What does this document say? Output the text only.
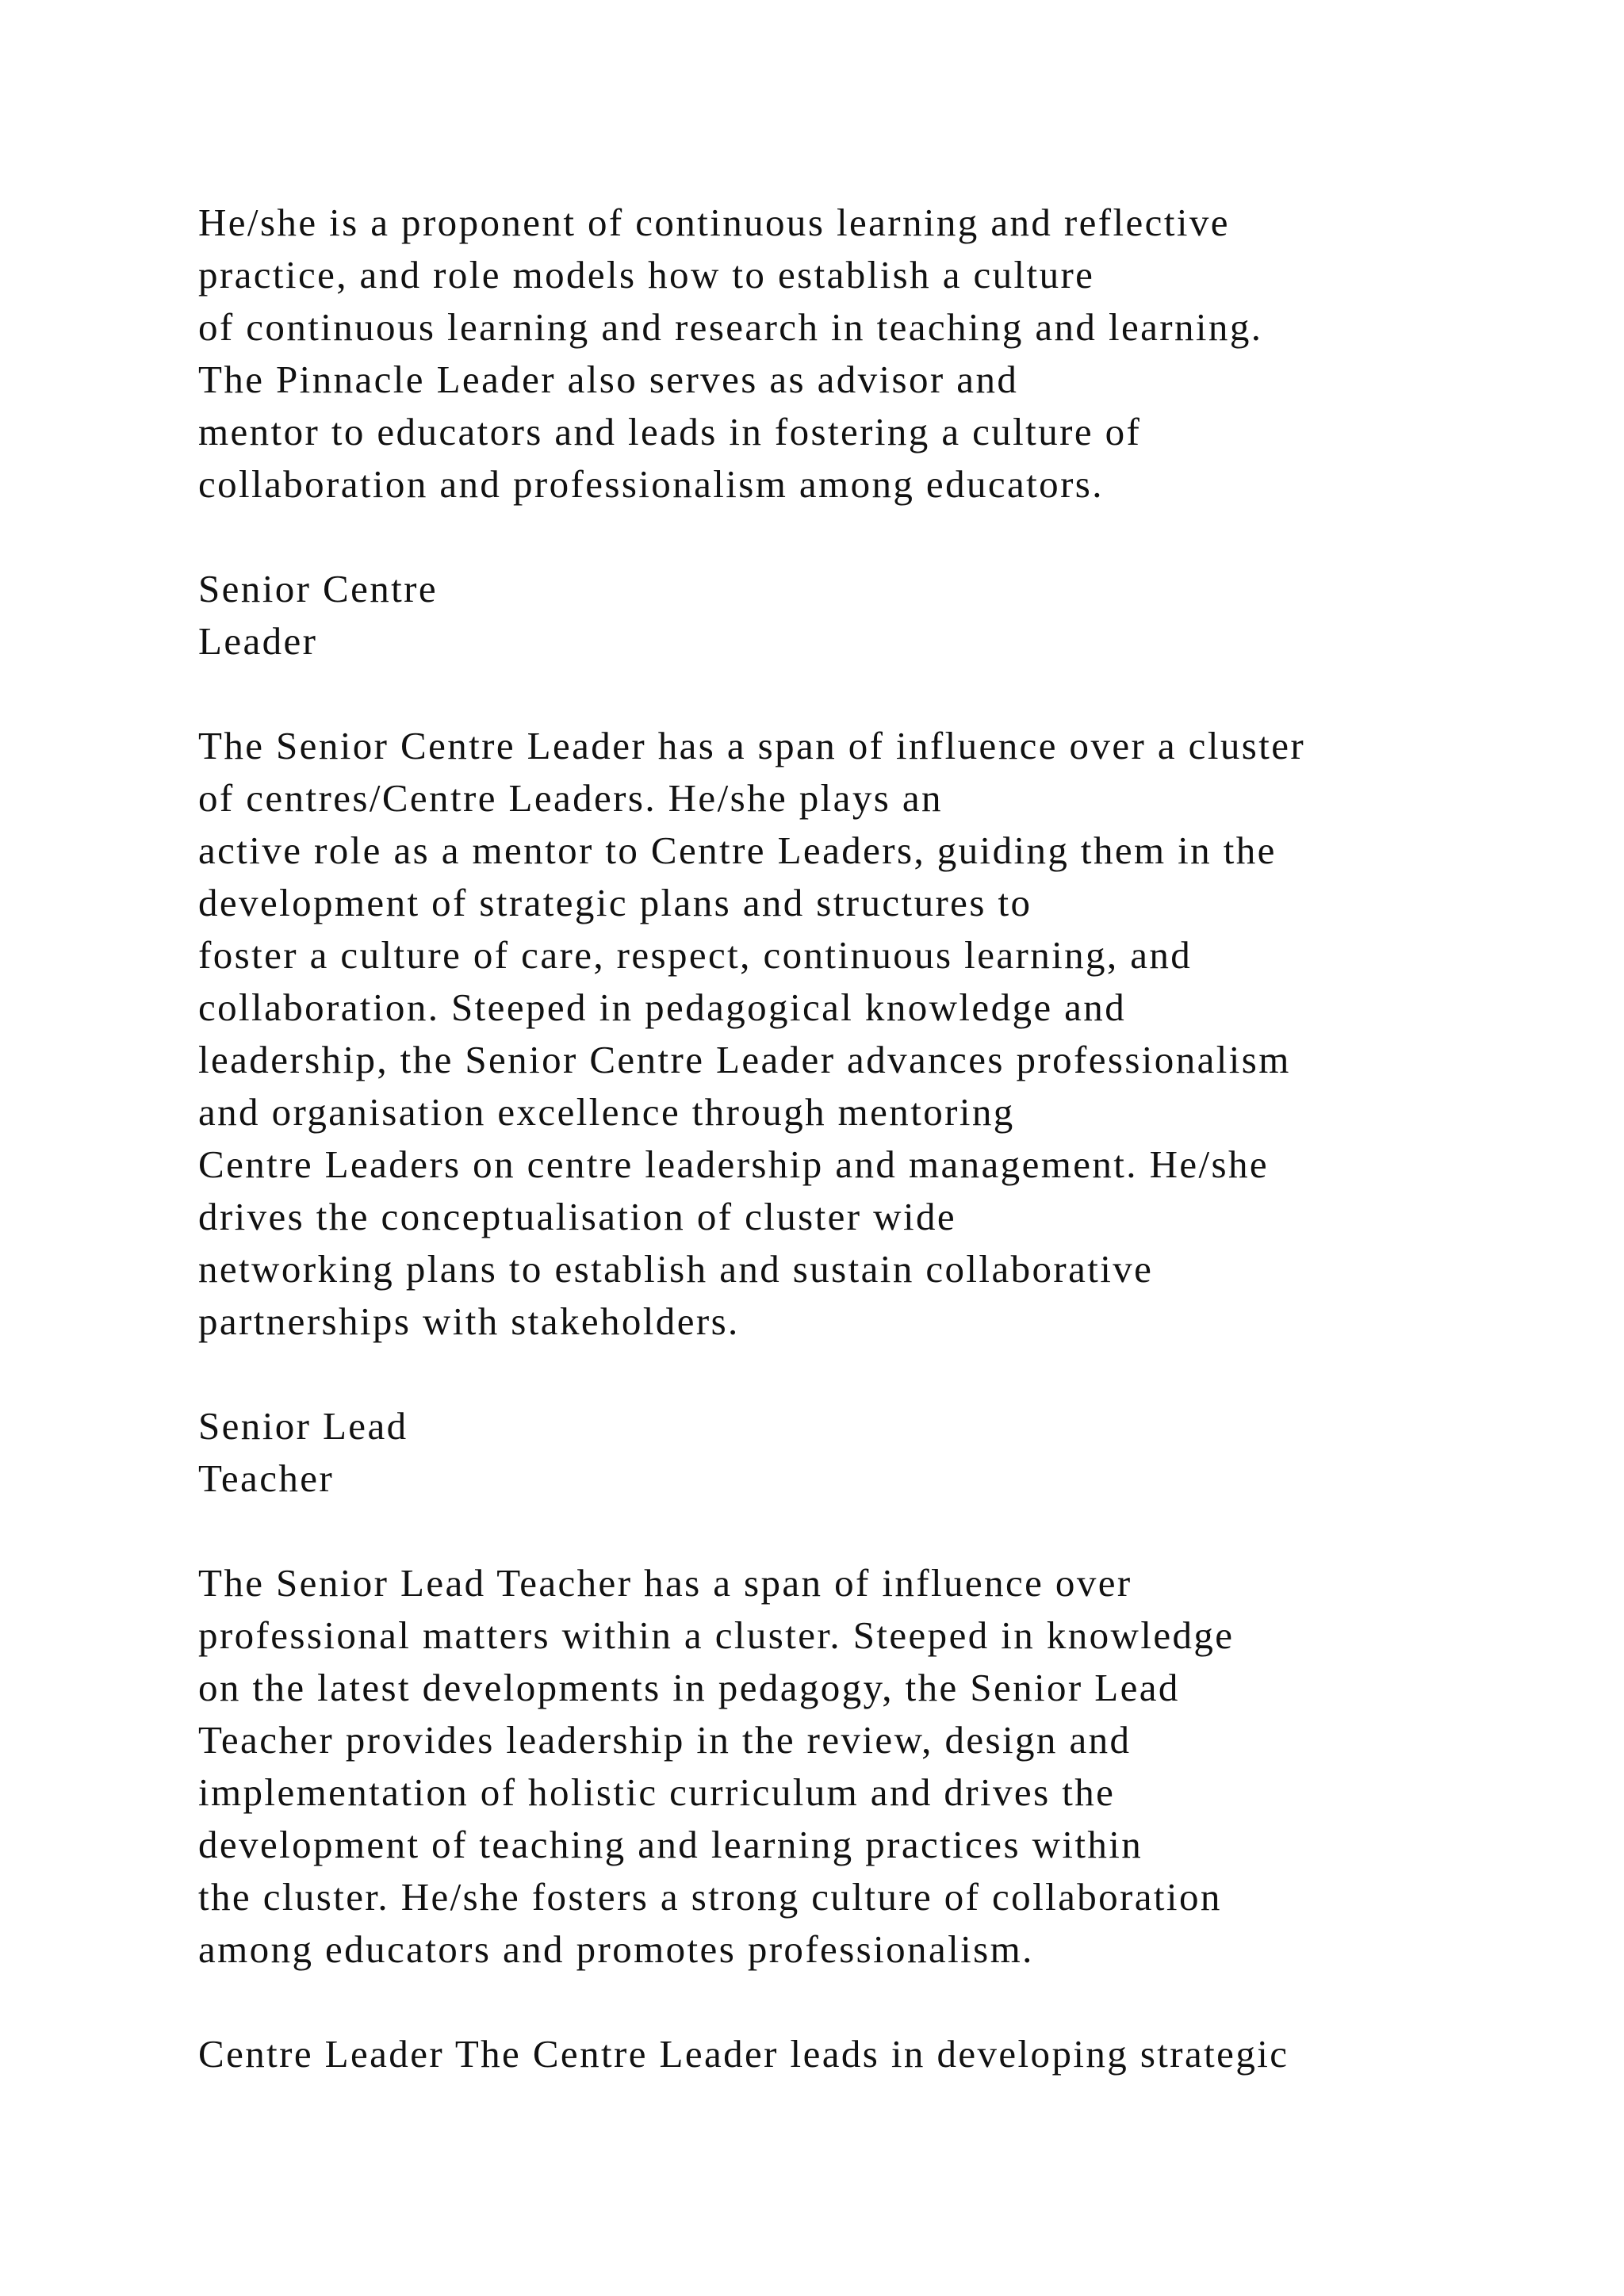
He/she is a proponent of continuous learning and reflective
practice, and role models how to establish a culture
of continuous learning and research in teaching and learning.
The Pinnacle Leader also serves as advisor and
mentor to educators and leads in fostering a culture of
collaboration and professionalism among educators.
Senior Centre
Leader
The Senior Centre Leader has a span of influence over a cluster
of centres/Centre Leaders. He/she plays an
active role as a mentor to Centre Leaders, guiding them in the
development of strategic plans and structures to
foster a culture of care, respect, continuous learning, and
collaboration. Steeped in pedagogical knowledge and
leadership, the Senior Centre Leader advances professionalism
and organisation excellence through mentoring
Centre Leaders on centre leadership and management. He/she
drives the conceptualisation of cluster wide
networking plans to establish and sustain collaborative
partnerships with stakeholders.
Senior Lead
Teacher
The Senior Lead Teacher has a span of influence over
professional matters within a cluster. Steeped in knowledge
on the latest developments in pedagogy, the Senior Lead
Teacher provides leadership in the review, design and
implementation of holistic curriculum and drives the
development of teaching and learning practices within
the cluster. He/she fosters a strong culture of collaboration
among educators and promotes professionalism.
Centre Leader The Centre Leader leads in developing strategic
